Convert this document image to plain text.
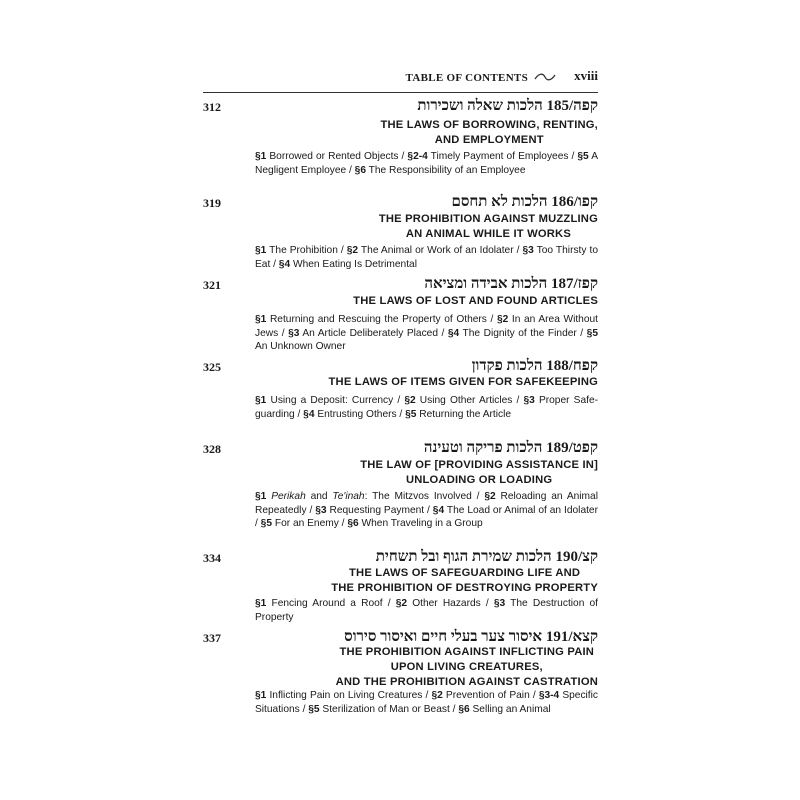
TABLE OF CONTENTS	xviii
312	קפה/185 הלכות שאלה ושכירות
THE LAWS OF BORROWING, RENTING,
AND EMPLOYMENT
§1 Borrowed or Rented Objects / §2-4 Timely Payment of Employees / §5 A Negligent Employee / §6 The Responsibility of an Employee
319	קפו/186 הלכות לא תחסם
THE PROHIBITION AGAINST MUZZLING
AN ANIMAL WHILE IT WORKS
§1 The Prohibition / §2 The Animal or Work of an Idolater / §3 Too Thirsty to Eat / §4 When Eating Is Detrimental
321	קפז/187 הלכות אבידה ומציאה
THE LAWS OF LOST AND FOUND ARTICLES
§1 Returning and Rescuing the Property of Others / §2 In an Area Without Jews / §3 An Article Deliberately Placed / §4 The Dignity of the Finder / §5 An Unknown Owner
325	קפח/188 הלכות פקדון
THE LAWS OF ITEMS GIVEN FOR SAFEKEEPING
§1 Using a Deposit: Currency / §2 Using Other Articles / §3 Proper Safe-guarding / §4 Entrusting Others / §5 Returning the Article
328	קפט/189 הלכות פריקה וטעינה
THE LAW OF [PROVIDING ASSISTANCE IN]
UNLOADING OR LOADING
§1 Perikah and Te'inah: The Mitzvos Involved / §2 Reloading an Animal Repeatedly / §3 Requesting Payment / §4 The Load or Animal of an Idolater / §5 For an Enemy / §6 When Traveling in a Group
334	קצ/190 הלכות שמירת הגוף ובל תשחית
THE LAWS OF SAFEGUARDING LIFE AND
THE PROHIBITION OF DESTROYING PROPERTY
§1 Fencing Around a Roof / §2 Other Hazards / §3 The Destruction of Property
337	קצא/191 איסור צער בעלי חיים ואיסור סירוס
THE PROHIBITION AGAINST INFLICTING PAIN
UPON LIVING CREATURES,
AND THE PROHIBITION AGAINST CASTRATION
§1 Inflicting Pain on Living Creatures / §2 Prevention of Pain / §3-4 Specific Situations / §5 Sterilization of Man or Beast / §6 Selling an Animal
